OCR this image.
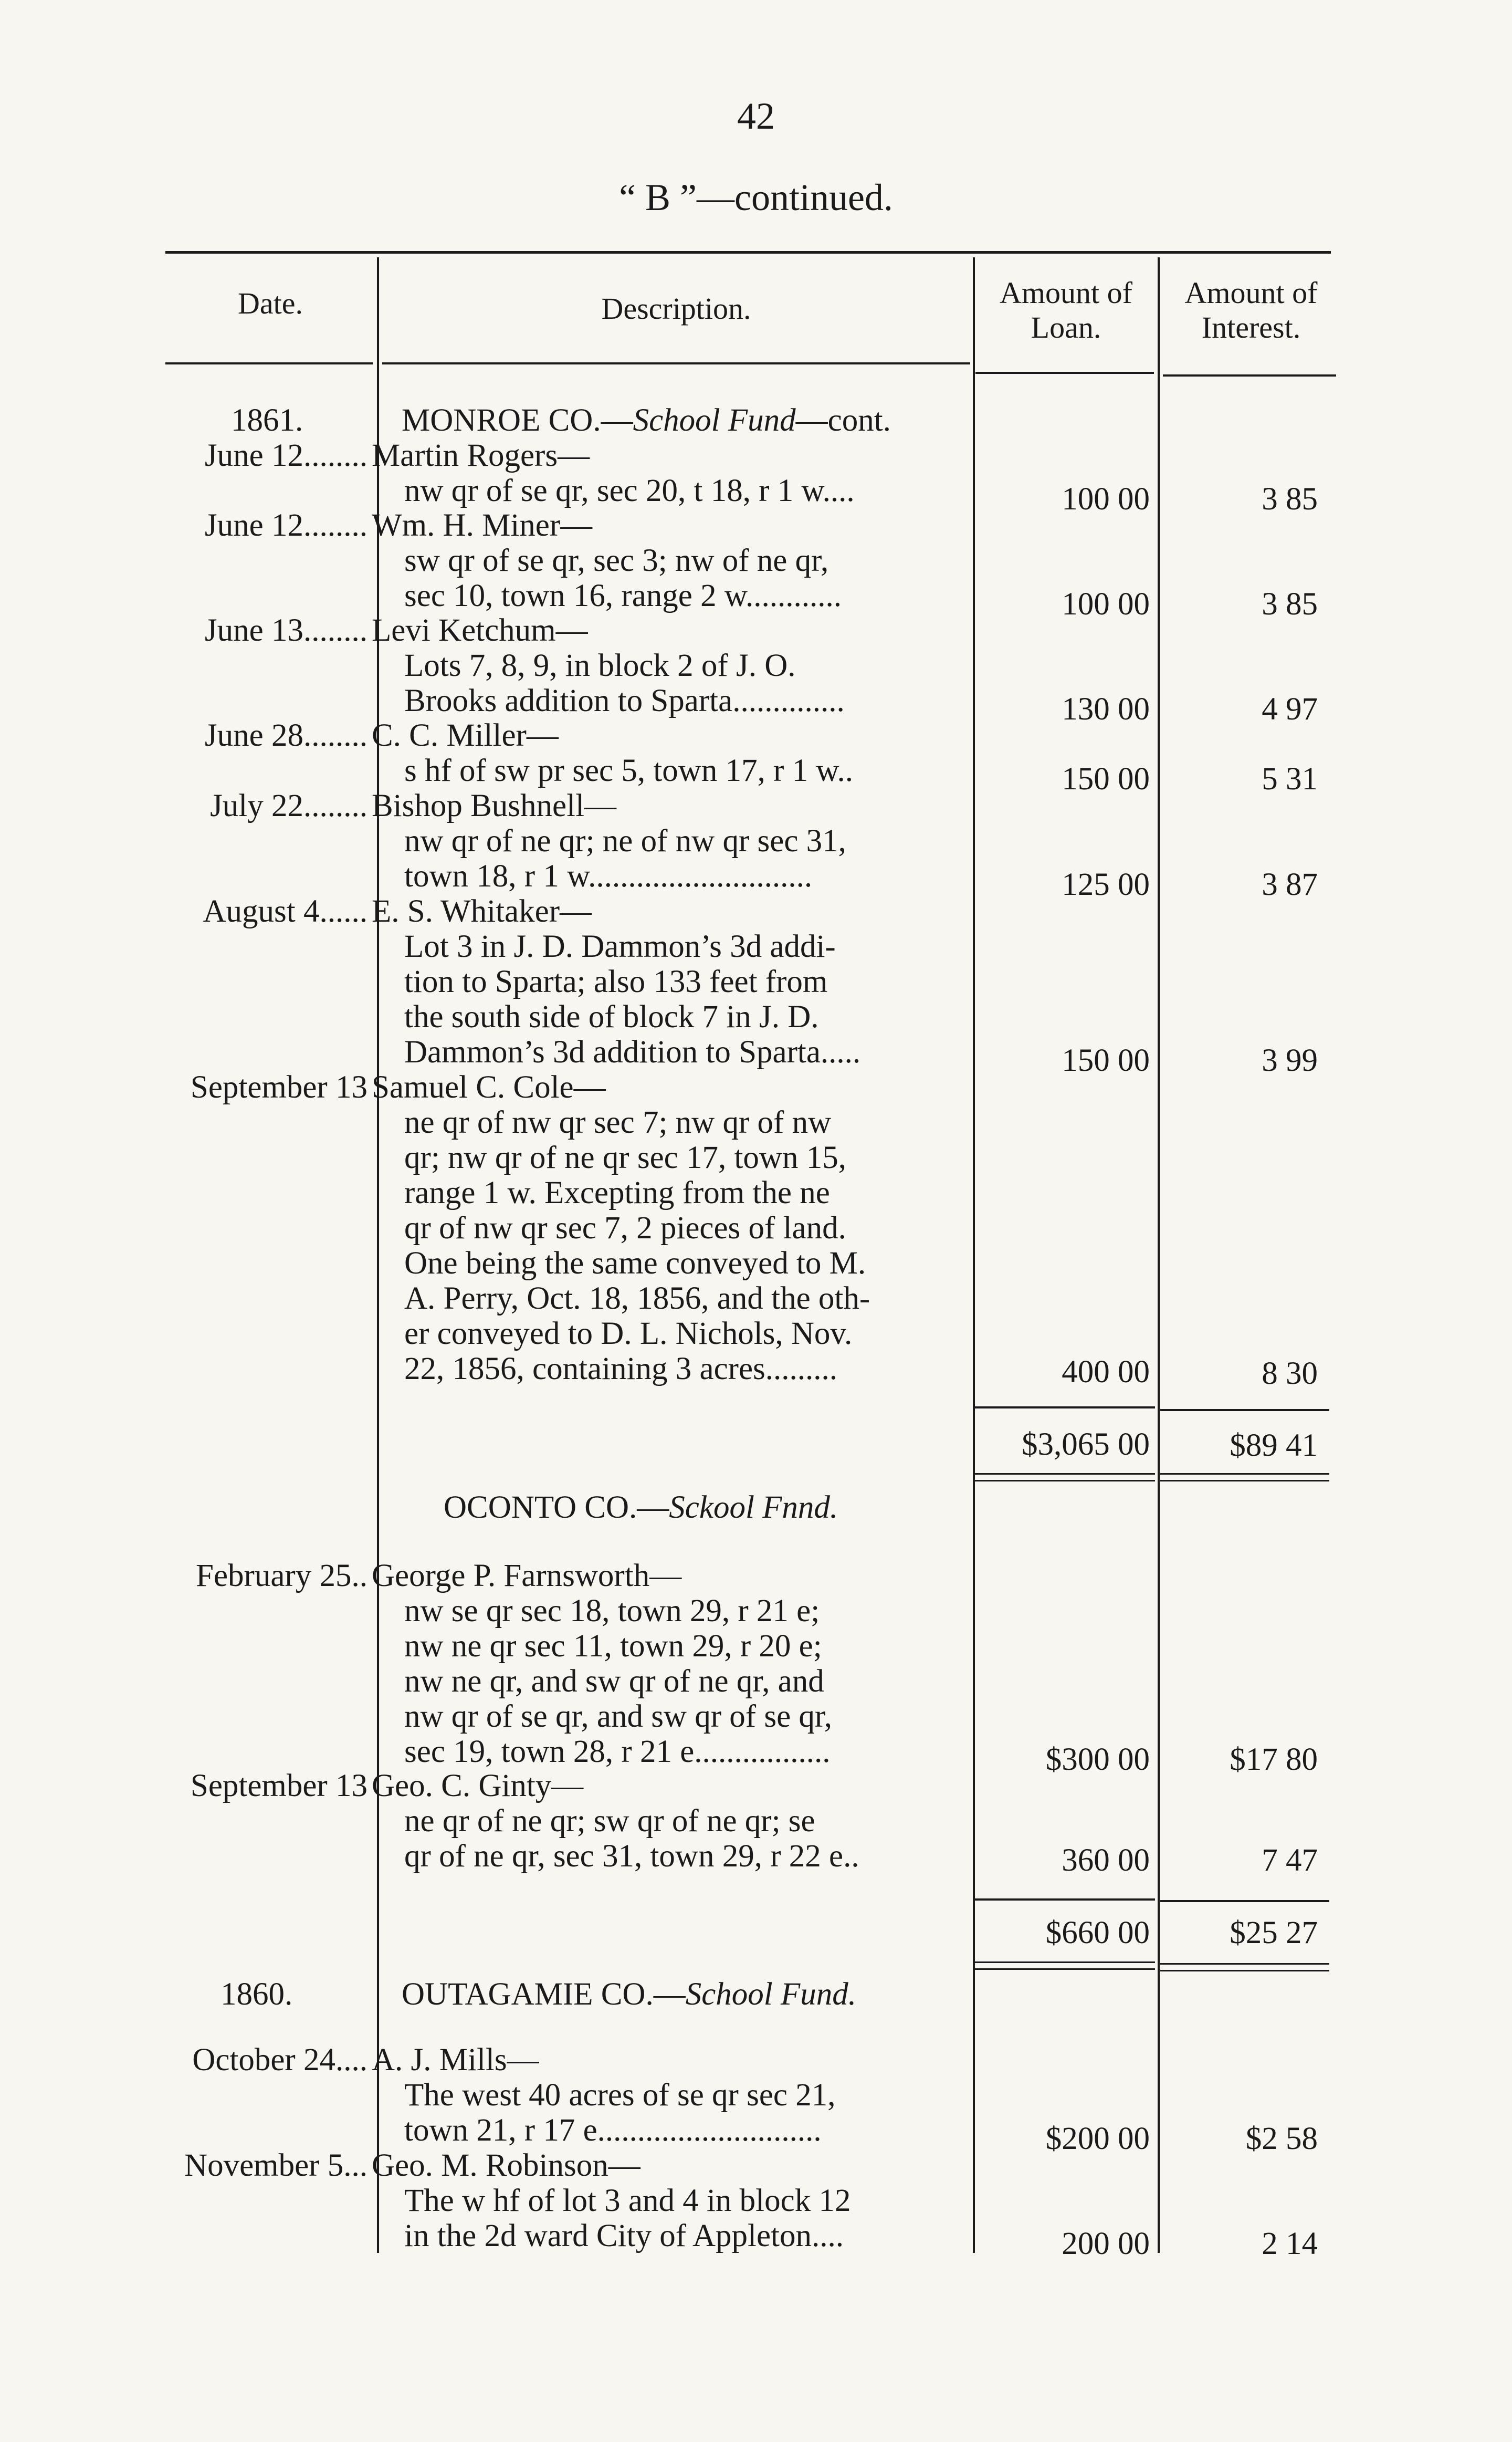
42
“ B ”—continued.
Date.	Description.	Amount of
Loan.
Amount of
Interest.
1861.	MONROE CO.—School Fund—cont.
June 12........ Martin Rogers—
nw qr of se qr, sec 20, t 18, r 1 w....	100 00	3 85
June 12........ Wm. H. Miner—
sw qr of se qr, sec 3; nw of ne qr,
sec 10, town 16, range 2 w............	100 00	3 85
June 13........ Levi Ketchum—
Lots 7, 8, 9, in block 2 of J. O.
Brooks addition to Sparta..............	130 00	4 97
June 28........ C. C. Miller—
s hf of sw pr sec 5, town 17, r 1 w..	150 00	5 31
July 22........ Bishop Bushnell—
nw qr of ne qr; ne of nw qr sec 31,
town 18, r 1 w............................	125 00	3 87
August 4...... E. S. Whitaker—
Lot 3 in J. D. Dammon’s 3d addi-
tion to Sparta; also 133 feet from
the south side of block 7 in J. D.
Dammon’s 3d addition to Sparta.....	150 00	3 99
September 13 Samuel C. Cole—
ne qr of nw qr sec 7; nw qr of nw
qr; nw qr of ne qr sec 17, town 15,
range 1 w. Excepting from the ne
qr of nw qr sec 7, 2 pieces of land.
One being the same conveyed to M.
A. Perry, Oct. 18, 1856, and the oth-
er conveyed to D. L. Nichols, Nov.
22, 1856, containing 3 acres.........	400 00	8 30
$3,065 00 $89 41
OCONTO CO.—Sckool Fnnd.
February 25.. George P. Farnsworth—
nw se qr sec 18, town 29, r 21 e;
nw ne qr sec 11, town 29, r 20 e;
nw ne qr, and sw qr of ne qr, and
nw qr of se qr, and sw qr of se qr,
sec 19, town 28, r 21 e.................	$300 00 $17 80
September 13 Geo. C. Ginty—
ne qr of ne qr; sw qr of ne qr; se
qr of ne qr, sec 31, town 29, r 22 e..	360 00	7 47
$660 00 $25 27
1860.	OUTAGAMIE CO.—School Fund.
October 24.... A. J. Mills—
The west 40 acres of se qr sec 21,
town 21, r 17 e............................	$200 00	$2 58
November 5... Geo. M. Robinson—
The w hf of lot 3 and 4 in block 12
in the 2d ward City of Appleton....	200 00	2 14
